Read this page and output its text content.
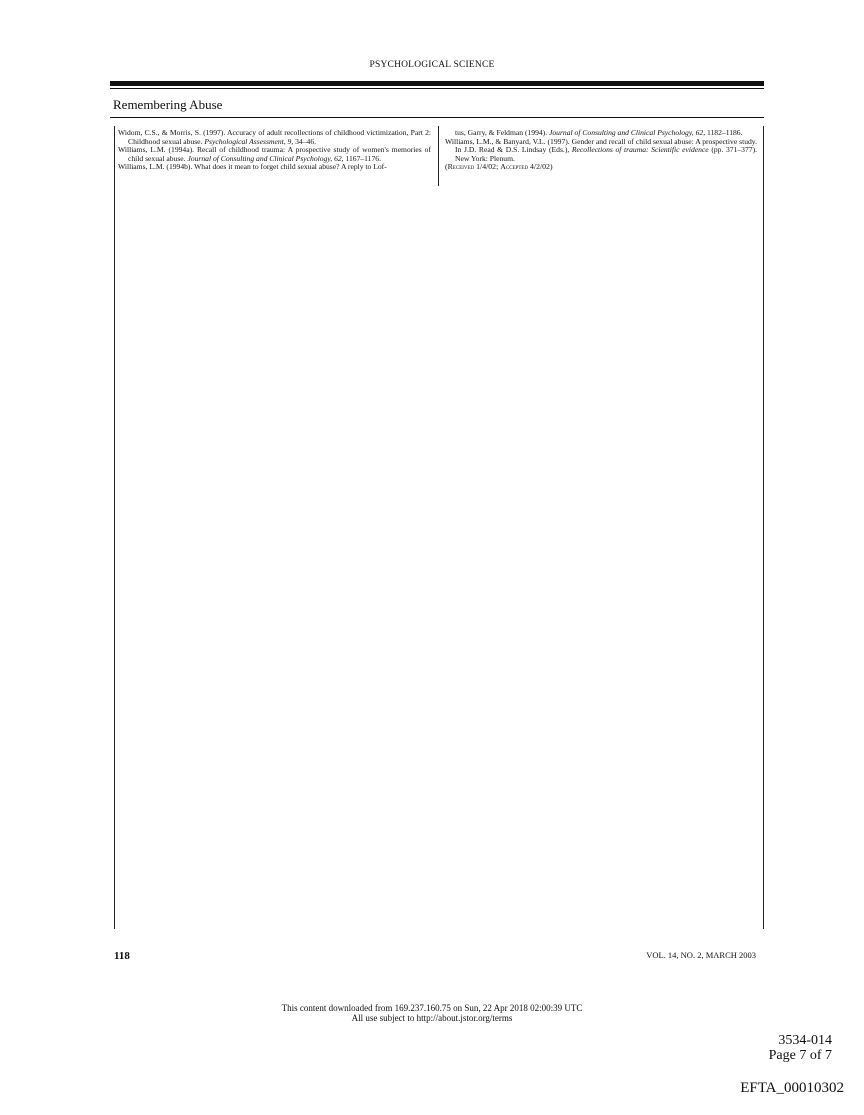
PSYCHOLOGICAL SCIENCE
Remembering Abuse

Widom, C.S., & Morris, S. (1997). Accuracy of adult recollections of childhood victimization, Part 2: Childhood sexual abuse. Psychological Assessment, 9, 34–46.

Williams, L.M. (1994a). Recall of childhood trauma: A prospective study of women's memories of child sexual abuse. Journal of Consulting and Clinical Psychology, 62, 1167–1176.

Williams, L.M. (1994b). What does it mean to forget child sexual abuse? A reply to Lof-

tus, Garry, & Feldman (1994). Journal of Consulting and Clinical Psychology, 62, 1182–1186.

Williams, L.M., & Banyard, V.L. (1997). Gender and recall of child sexual abuse: A prospective study. In J.D. Read & D.S. Lindsay (Eds.), Recollections of trauma: Scientific evidence (pp. 371–377). New York: Plenum.

(Received 1/4/02; Accepted 4/2/02)

118	VOL. 14, NO. 2, MARCH 2003
This content downloaded from 169.237.160.75 on Sun, 22 Apr 2018 02:00:39 UTC
All use subject to http://about.jstor.org/terms
3534-014
Page 7 of 7
EFTA_00010302
